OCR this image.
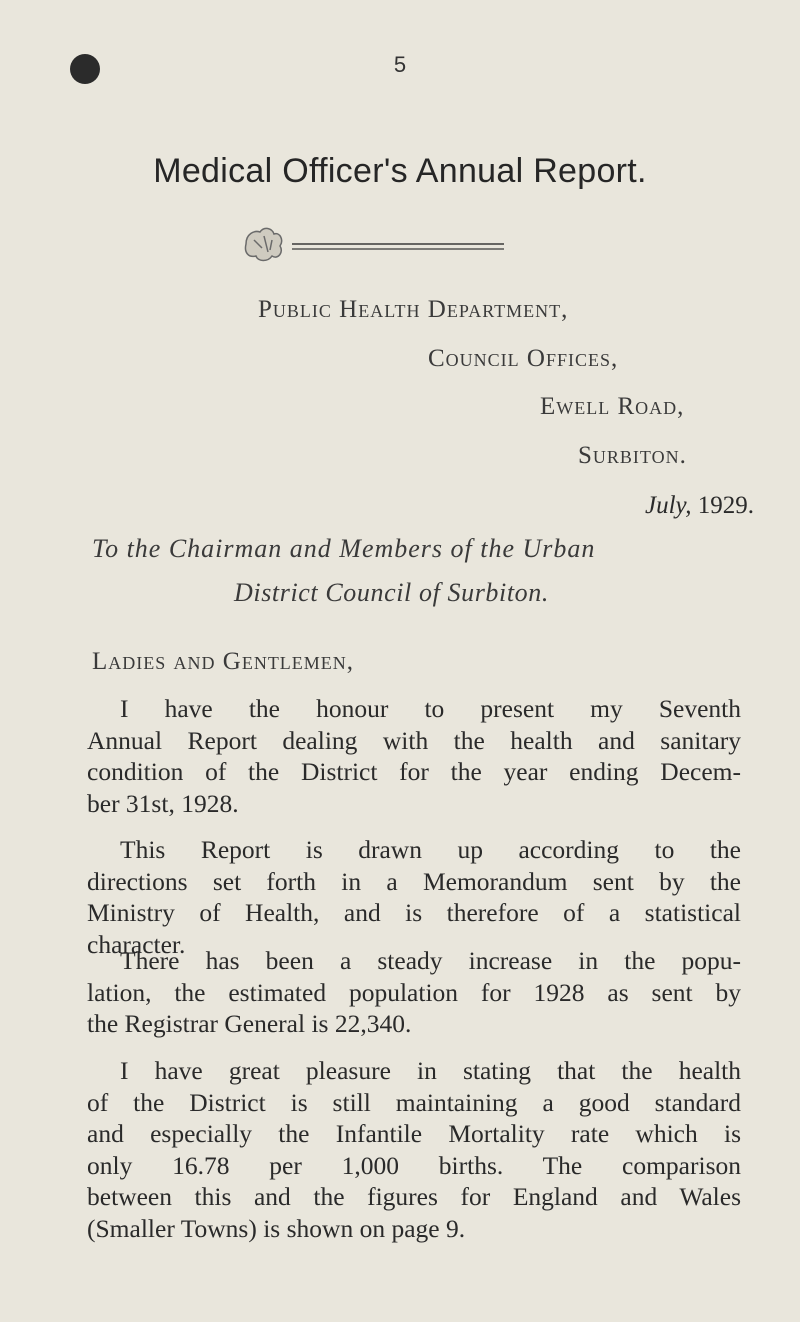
5
Medical Officer's Annual Report.
Public Health Department,
Council Offices,
Ewell Road,
Surbiton.
July, 1929.
To the Chairman and Members of the Urban
District Council of Surbiton.
Ladies and Gentlemen,
I have the honour to present my Seventh
Annual Report dealing with the health and sanitary
condition of the District for the year ending Decem-
ber 31st, 1928.
This Report is drawn up according to the
directions set forth in a Memorandum sent by the
Ministry of Health, and is therefore of a statistical
character.
There has been a steady increase in the popu-
lation, the estimated population for 1928 as sent by
the Registrar General is 22,340.
I have great pleasure in stating that the health
of the District is still maintaining a good standard
and especially the Infantile Mortality rate which is
only 16.78 per 1,000 births. The comparison
between this and the figures for England and Wales
(Smaller Towns) is shown on page 9.
